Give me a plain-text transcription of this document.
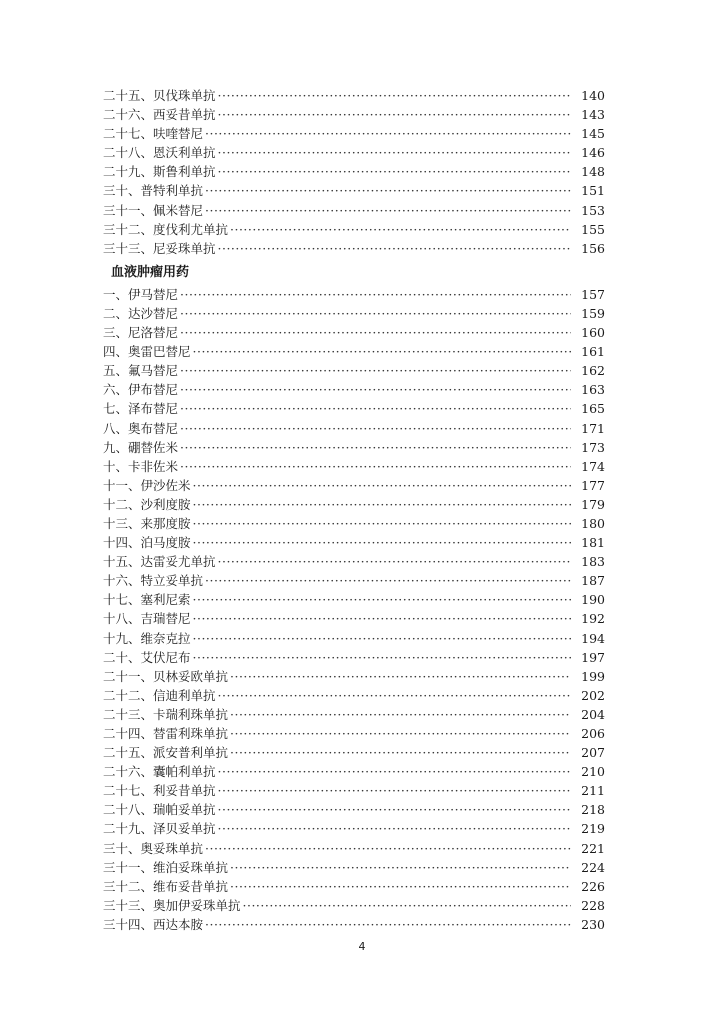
二十五、贝伐珠单抗 ·····	140
二十六、西妥昔单抗 ·····	143
二十七、呋喹替尼 ·····	145
二十八、恩沃利单抗 ·····	146
二十九、斯鲁利单抗 ·····	148
三十、普特利单抗 ·····	151
三十一、佩米替尼 ·····	153
三十二、度伐利尤单抗 ·····	155
三十三、尼妥珠单抗 ·····	156
血液肿瘤用药
一、伊马替尼 ·····	157
二、达沙替尼 ·····	159
三、尼洛替尼 ·····	160
四、奥雷巴替尼 ·····	161
五、氟马替尼 ·····	162
六、伊布替尼 ·····	163
七、泽布替尼 ·····	165
八、奥布替尼 ·····	171
九、硼替佐米 ·····	173
十、卡非佐米 ·····	174
十一、伊沙佐米 ·····	177
十二、沙利度胺 ·····	179
十三、来那度胺 ·····	180
十四、泊马度胺 ·····	181
十五、达雷妥尤单抗 ·····	183
十六、特立妥单抗 ·····	187
十七、塞利尼索 ·····	190
十八、吉瑞替尼 ·····	192
十九、维奈克拉 ·····	194
二十、艾伏尼布 ·····	197
二十一、贝林妥欧单抗 ·····	199
二十二、信迪利单抗 ·····	202
二十三、卡瑞利珠单抗 ·····	204
二十四、替雷利珠单抗 ·····	206
二十五、派安普利单抗 ·····	207
二十六、囊帕利单抗 ·····	210
二十七、利妥昔单抗 ·····	211
二十八、瑞帕妥单抗 ·····	218
二十九、泽贝妥单抗 ·····	219
三十、奥妥珠单抗 ·····	221
三十一、维泊妥珠单抗 ·····	224
三十二、维布妥昔单抗 ·····	226
三十三、奥加伊妥珠单抗 ·····	228
三十四、西达本胺 ·····	230
4
